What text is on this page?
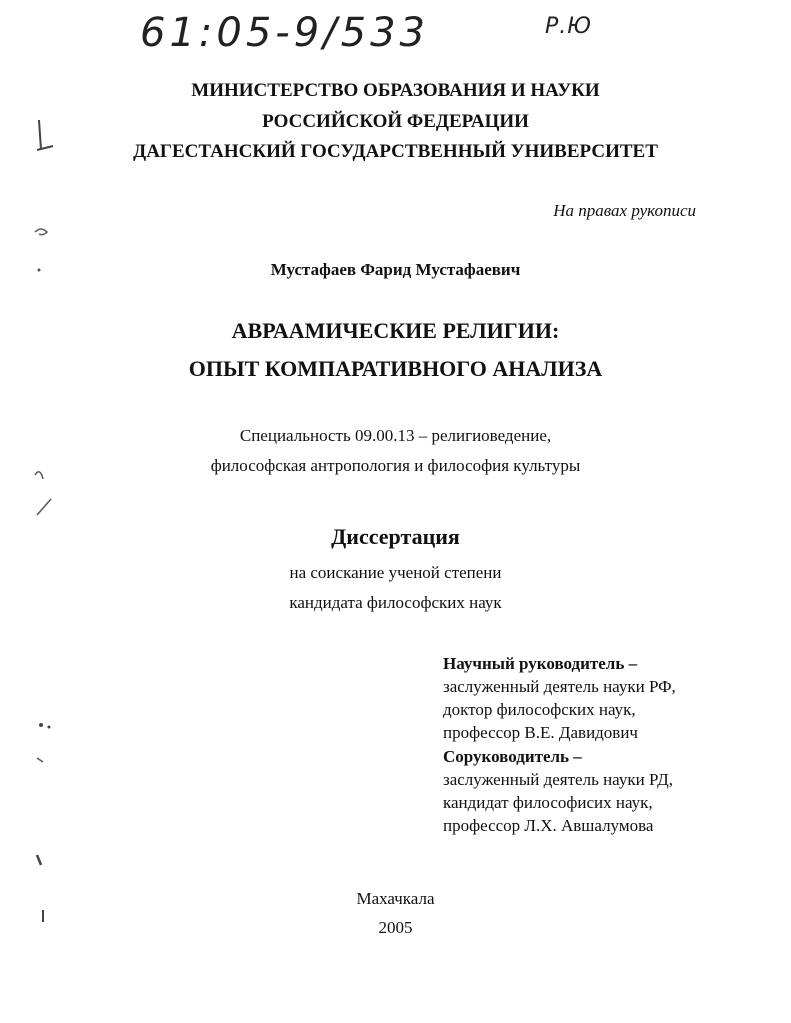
61:05-9/533	Р.Ю
МИНИСТЕРСТВО ОБРАЗОВАНИЯ И НАУКИ
РОССИЙСКОЙ ФЕДЕРАЦИИ
ДАГЕСТАНСКИЙ ГОСУДАРСТВЕННЫЙ УНИВЕРСИТЕТ
На правах рукописи
Мустафаев Фарид Мустафаевич
АВРААМИЧЕСКИЕ РЕЛИГИИ:
ОПЫТ КОМПАРАТИВНОГО АНАЛИЗА
Специальность 09.00.13 – религиоведение,
философская антропология и философия культуры
Диссертация
на соискание ученой степени
кандидата философских наук
Научный руководитель –
заслуженный деятель науки РФ,
доктор философских наук,
профессор В.Е. Давидович
Соруководитель –
заслуженный деятель науки РД,
кандидат философисих наук,
профессор Л.Х. Авшалумова
Махачкала
2005
